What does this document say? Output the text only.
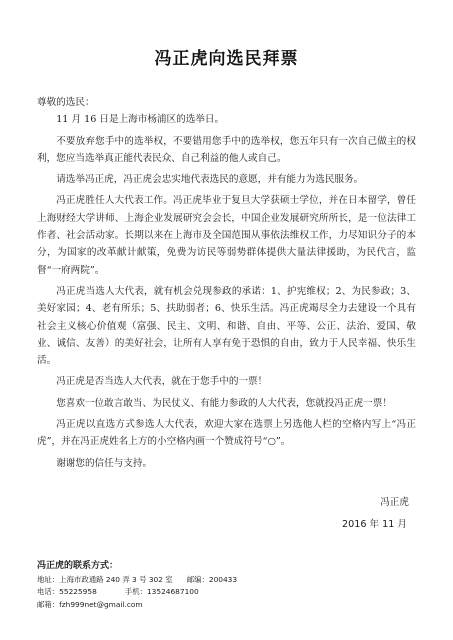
冯正虎向选民拜票

尊敬的选民：

11 月 16 日是上海市杨浦区的选举日。

不要放弃您手中的选举权，不要错用您手中的选举权，您五年只有一次自己做主的权利，您应当选举真正能代表民众、自己利益的他人或自己。

请选举冯正虎，冯正虎会忠实地代表选民的意愿，并有能力为选民服务。

冯正虎胜任人大代表工作。冯正虎毕业于复旦大学获硕士学位，并在日本留学，曾任上海财经大学讲师、上海企业发展研究会会长，中国企业发展研究所所长，是一位法律工作者、社会活动家。长期以来在上海市及全国范围从事依法维权工作，力尽知识分子的本分，为国家的改革献计献策，免费为访民等弱势群体提供大量法律援助，为民代言，监督“一府两院”。

冯正虎当选人大代表，就有机会兑现参政的承诺：1、护宪维权；2、为民参政；3、美好家园；4、老有所乐；5、扶助弱者；6、快乐生活。冯正虎竭尽全力去建设一个具有社会主义核心价值观（富强、民主、文明、和谐、自由、平等、公正、法治、爱国、敬业、诚信、友善）的美好社会，让所有人享有免于恐惧的自由，致力于人民幸福、快乐生活。

冯正虎是否当选人大代表，就在于您手中的一票！

您喜欢一位敢言敢当、为民仗义、有能力参政的人大代表，您就投冯正虎一票！

冯正虎以直选方式参选人大代表，欢迎大家在选票上另选他人栏的空格内写上“冯正虎”，并在冯正虎姓名上方的小空格内画一个赞成符号“○”。

谢谢您的信任与支持。

冯正虎
2016 年 11 月
冯正虎的联系方式：
地址：上海市政通路 240 弄 3 号 302 室 邮编：200433
电话：55225958	手机：13524687100
邮箱：fzh999net@gmail.com
